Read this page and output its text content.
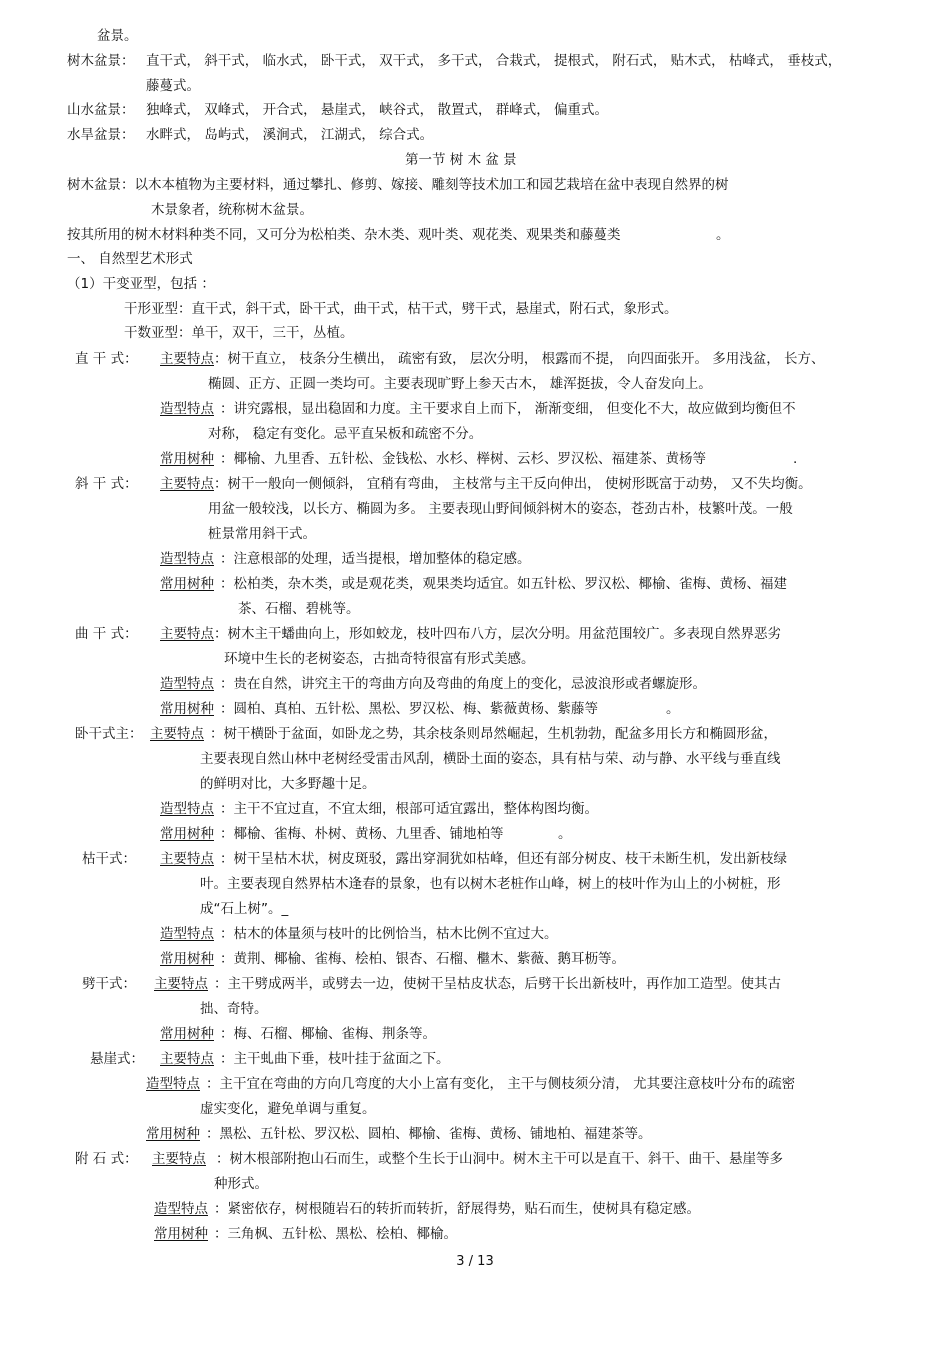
盆景。
树木盆景： 直干式， 斜干式， 临水式， 卧干式， 双干式， 多干式， 合栽式， 提根式， 附石式， 贴木式， 枯峰式， 垂枝式，
藤蔓式。
山水盆景： 独峰式， 双峰式， 开合式， 悬崖式， 峡谷式， 散置式， 群峰式， 偏重式。
水旱盆景： 水畔式， 岛屿式， 溪涧式， 江湖式， 综合式。
第一节 树 木 盆 景
树木盆景：以木本植物为主要材料，通过攀扎、修剪、嫁接、雕刻等技术加工和园艺栽培在盆中表现自然界的树
木景象者，统称树木盆景。
按其所用的树木材料种类不同，又可分为松柏类、杂木类、观叶类、观花类、观果类和藤蔓类	。
一、 自然型艺术形式
（1）干变亚型，包括 ：
干形亚型：直干式，斜干式，卧干式，曲干式，枯干式，劈干式，悬崖式，附石式，象形式。
干数亚型：单干，双干，三干，丛植。
直 干 式： 主要特点 ：树干直立， 枝条分生横出， 疏密有致， 层次分明， 根露而不提， 向四面张开。 多用浅盆， 长方、
椭圆、正方、正圆一类均可。主要表现旷野上参天古木， 雄浑挺拔，令人奋发向上。
造型特点 ：讲究露根，显出稳固和力度。主干要求自上而下， 渐渐变细， 但变化不大，故应做到均衡但不
对称， 稳定有变化。忌平直呆板和疏密不分。
常用树种 ：椰榆、九里香、五针松、金钱松、水杉、榉树、云杉、罗汉松、福建茶、黄杨等	.
斜 干 式： 主要特点 ：树干一般向一侧倾斜， 宜稍有弯曲， 主枝常与主干反向伸出， 使树形既富于动势， 又不失均衡。
用盆一般较浅，以长方、椭圆为多。 主要表现山野间倾斜树木的姿态，苍劲古朴，枝繁叶茂。一般
桩景常用斜干式。
造型特点 ：注意根部的处理，适当提根，增加整体的稳定感。
常用树种 ：松柏类，杂木类，或是观花类，观果类均适宜。如五针松、罗汉松、椰榆、雀梅、黄杨、福建
茶、石榴、碧桃等。
曲 干 式： 主要特点 ：树木主干蟠曲向上，形如蛟龙，枝叶四布八方，层次分明。用盆范围较广。多表现自然界恶劣
环境中生长的老树姿态，古拙奇特很富有形式美感。
造型特点 ：贵在自然，讲究主干的弯曲方向及弯曲的角度上的变化，忌波浪形或者螺旋形。
常用树种 ：圆柏、真柏、五针松、黑松、罗汉松、梅、紫薇黄杨、紫藤等	。
卧干式主： 主要特点 ：树干横卧于盆面，如卧龙之势，其余枝条则昂然崛起，生机勃勃，配盆多用长方和椭圆形盆，
主要表现自然山林中老树经受雷击风刮，横卧土面的姿态，具有枯与荣、动与静、水平线与垂直线
的鲜明对比，大多野趣十足。
造型特点 ：主干不宜过直，不宜太细，根部可适宜露出，整体构图均衡。
常用树种 ：椰榆、雀梅、朴树、黄杨、九里香、铺地柏等	。
枯干式： 主要特点 ：树干呈枯木状，树皮斑驳，露出穿洞犹如枯峰，但还有部分树皮、枝干未断生机，发出新枝绿
叶。主要表现自然界枯木逢春的景象，也有以树木老桩作山峰，树上的枝叶作为山上的小树桩，形
成“石上树”。_
造型特点 ：枯木的体量须与枝叶的比例恰当，枯木比例不宜过大。
常用树种 ：黄荆、椰榆、雀梅、桧柏、银杏、石榴、檵木、紫薇、鹅耳枥等。
劈干式： 主要特点 ：主干劈成两半，或劈去一边，使树干呈枯皮状态，后劈干长出新枝叶，再作加工造型。使其古
拙、奇特。
常用树种 ：梅、石榴、椰榆、雀梅、荆条等。
悬崖式： 主要特点 ：主干虬曲下垂，枝叶挂于盆面之下。
造型特点 ：主干宜在弯曲的方向几弯度的大小上富有变化， 主干与侧枝须分清， 尤其要注意枝叶分布的疏密
虚实变化，避免单调与重复。
常用树种 ：黑松、五针松、罗汉松、圆柏、椰榆、雀梅、黄杨、铺地柏、福建茶等。
附 石 式： 主要特点 ：树木根部附抱山石而生，或整个生长于山洞中。树木主干可以是直干、斜干、曲干、悬崖等多
种形式。
造型特点 ：紧密依存，树根随岩石的转折而转折，舒展得势，贴石而生，使树具有稳定感。
常用树种 ：三角枫、五针松、黑松、桧柏、椰榆。
3 / 13
